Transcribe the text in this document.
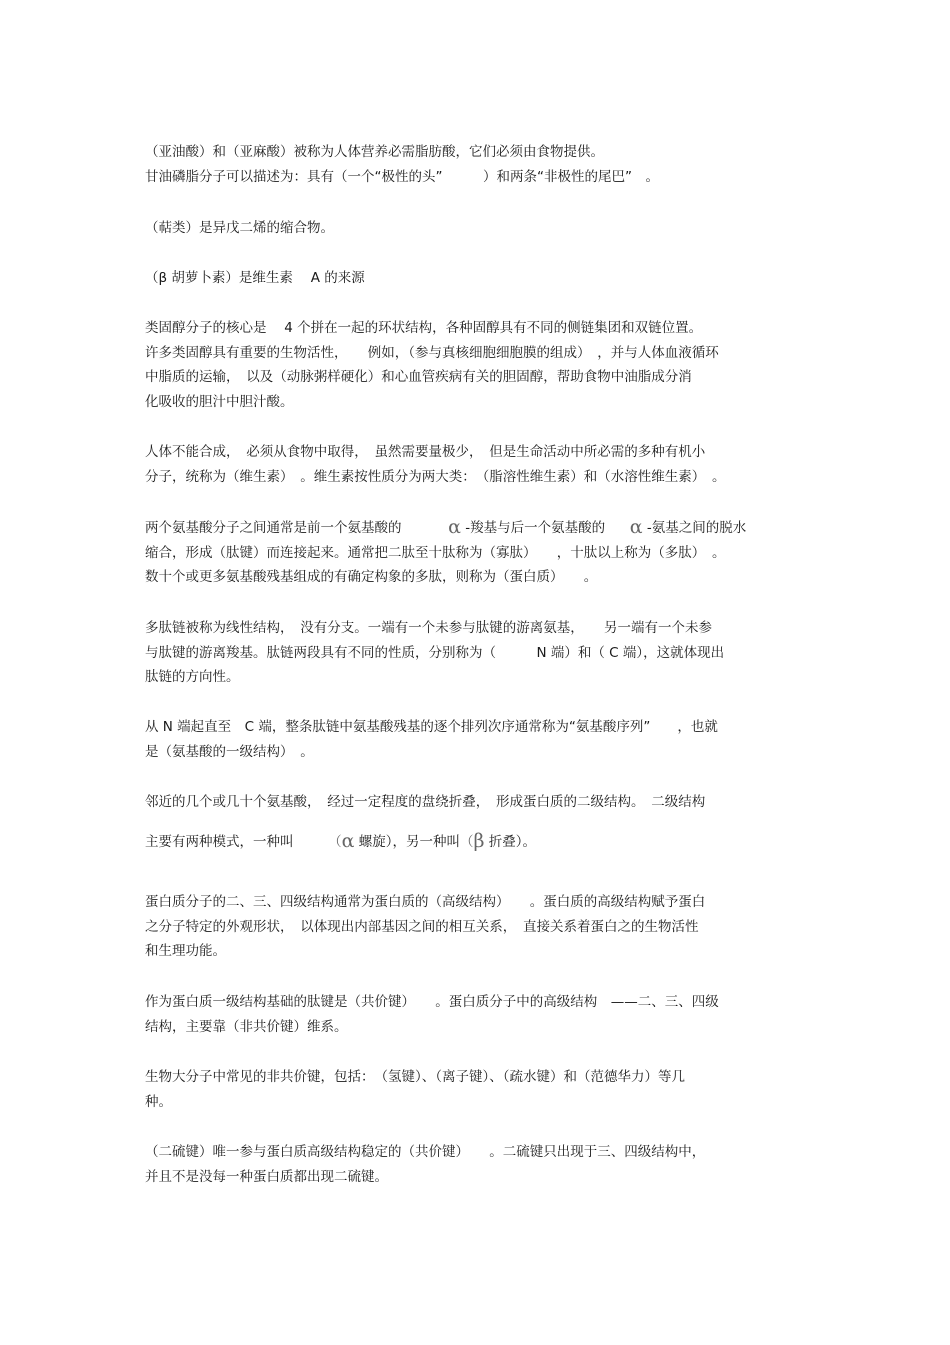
（亚油酸）和（亚麻酸）被称为人体营养必需脂肪酸，它们必须由食物提供。
甘油磷脂分子可以描述为：具有（一个“极性的头”　　　）和两条“非极性的尾巴”　。

（萜类）是异戊二烯的缩合物。

（β 胡萝卜素）是维生素　 A 的来源

类固醇分子的核心是　 4 个拼在一起的环状结构，各种固醇具有不同的侧链集团和双链位置。
许多类固醇具有重要的生物活性，　　例如，（参与真核细胞细胞膜的组成）　，并与人体血液循环
中脂质的运输，　以及（动脉粥样硬化）和心血管疾病有关的胆固醇，帮助食物中油脂成分消
化吸收的胆汁中胆汁酸。

人体不能合成，　必须从食物中取得，　虽然需要量极少，　但是生命活动中所必需的多种有机小
分子，统称为（维生素）　。维生素按性质分为两大类：　（脂溶性维生素）和（水溶性维生素）　。

两个氨基酸分子之间通常是前一个氨基酸的 α -羧基与后一个氨基酸的 α -氨基之间的脱水
缩合，形成（肽键）而连接起来。通常把二肽至十肽称为（寡肽）　　，十肽以上称为（多肽）　。
数十个或更多氨基酸残基组成的有确定构象的多肽，则称为（蛋白质）　　。

多肽链被称为线性结构，　没有分支。一端有一个未参与肽键的游离氨基，　　另一端有一个未参
与肽键的游离羧基。肽链两段具有不同的性质，分别称为（　　　N 端）和（ C 端），这就体现出
肽链的方向性。

从 N 端起直至　C 端，整条肽链中氨基酸残基的逐个排列次序通常称为“氨基酸序列”　　，也就
是（氨基酸的一级结构）　。

邻近的几个或几十个氨基酸，　经过一定程度的盘绕折叠，　形成蛋白质的二级结构。　二级结构
主要有两种模式，一种叫	（α 螺旋），另一种叫（β 折叠）。

蛋白质分子的二、三、四级结构通常为蛋白质的（高级结构）　　。蛋白质的高级结构赋予蛋白
之分子特定的外观形状，　以体现出内部基因之间的相互关系，　直接关系着蛋白之的生物活性
和生理功能。

作为蛋白质一级结构基础的肽键是（共价键）　　。蛋白质分子中的高级结构　——二、三、四级
结构，主要靠（非共价键）维系。

生物大分子中常见的非共价键，包括：　（氢键）、（离子键）、（疏水键）和（范德华力）等几
种。

（二硫键）唯一参与蛋白质高级结构稳定的（共价键）　　。二硫键只出现于三、四级结构中，
并且不是没每一种蛋白质都出现二硫键。
